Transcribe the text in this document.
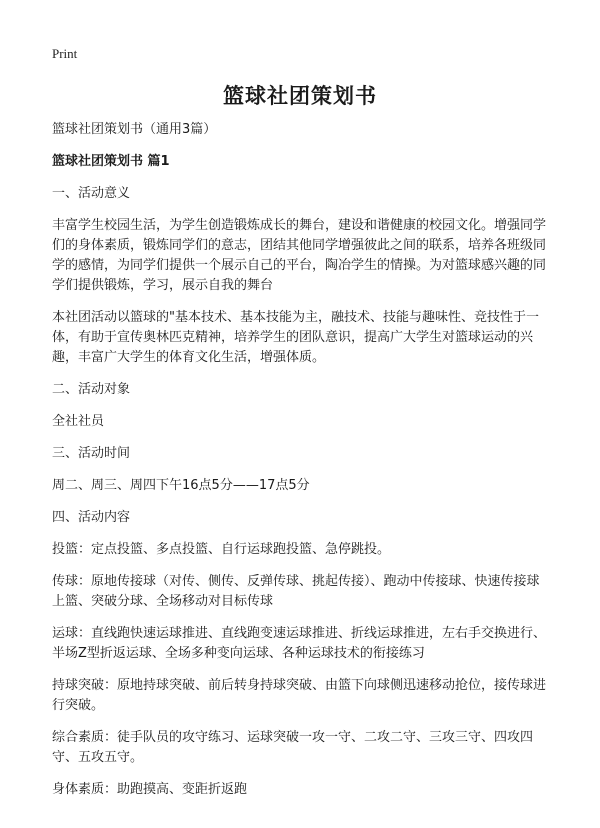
Print
篮球社团策划书

篮球社团策划书（通用3篇）

篮球社团策划书 篇1

一、活动意义

丰富学生校园生活，为学生创造锻炼成长的舞台，建设和谐健康的校园文化。增强同学们的身体素质，锻炼同学们的意志，团结其他同学增强彼此之间的联系，培养各班级同学的感情，为同学们提供一个展示自己的平台，陶冶学生的情操。为对篮球感兴趣的同学们提供锻炼，学习，展示自我的舞台

本社团活动以篮球的"基本技术、基本技能为主，融技术、技能与趣味性、竞技性于一体，有助于宣传奥林匹克精神，培养学生的团队意识，提高广大学生对篮球运动的兴趣，丰富广大学生的体育文化生活，增强体质。

二、活动对象

全社社员

三、活动时间

周二、周三、周四下午16点5分——17点5分

四、活动内容

投篮：定点投篮、多点投篮、自行运球跑投篮、急停跳投。

传球：原地传接球（对传、侧传、反弹传球、挑起传接）、跑动中传接球、快速传接球上篮、突破分球、全场移动对目标传球

运球：直线跑快速运球推进、直线跑变速运球推进、折线运球推进，左右手交换进行、半场Z型折返运球、全场多种变向运球、各种运球技术的衔接练习

持球突破：原地持球突破、前后转身持球突破、由篮下向球侧迅速移动抢位，接传球进行突破。

综合素质：徒手队员的攻守练习、运球突破一攻一守、二攻二守、三攻三守、四攻四守、五攻五守。

身体素质：助跑摸高、变距折返跑
